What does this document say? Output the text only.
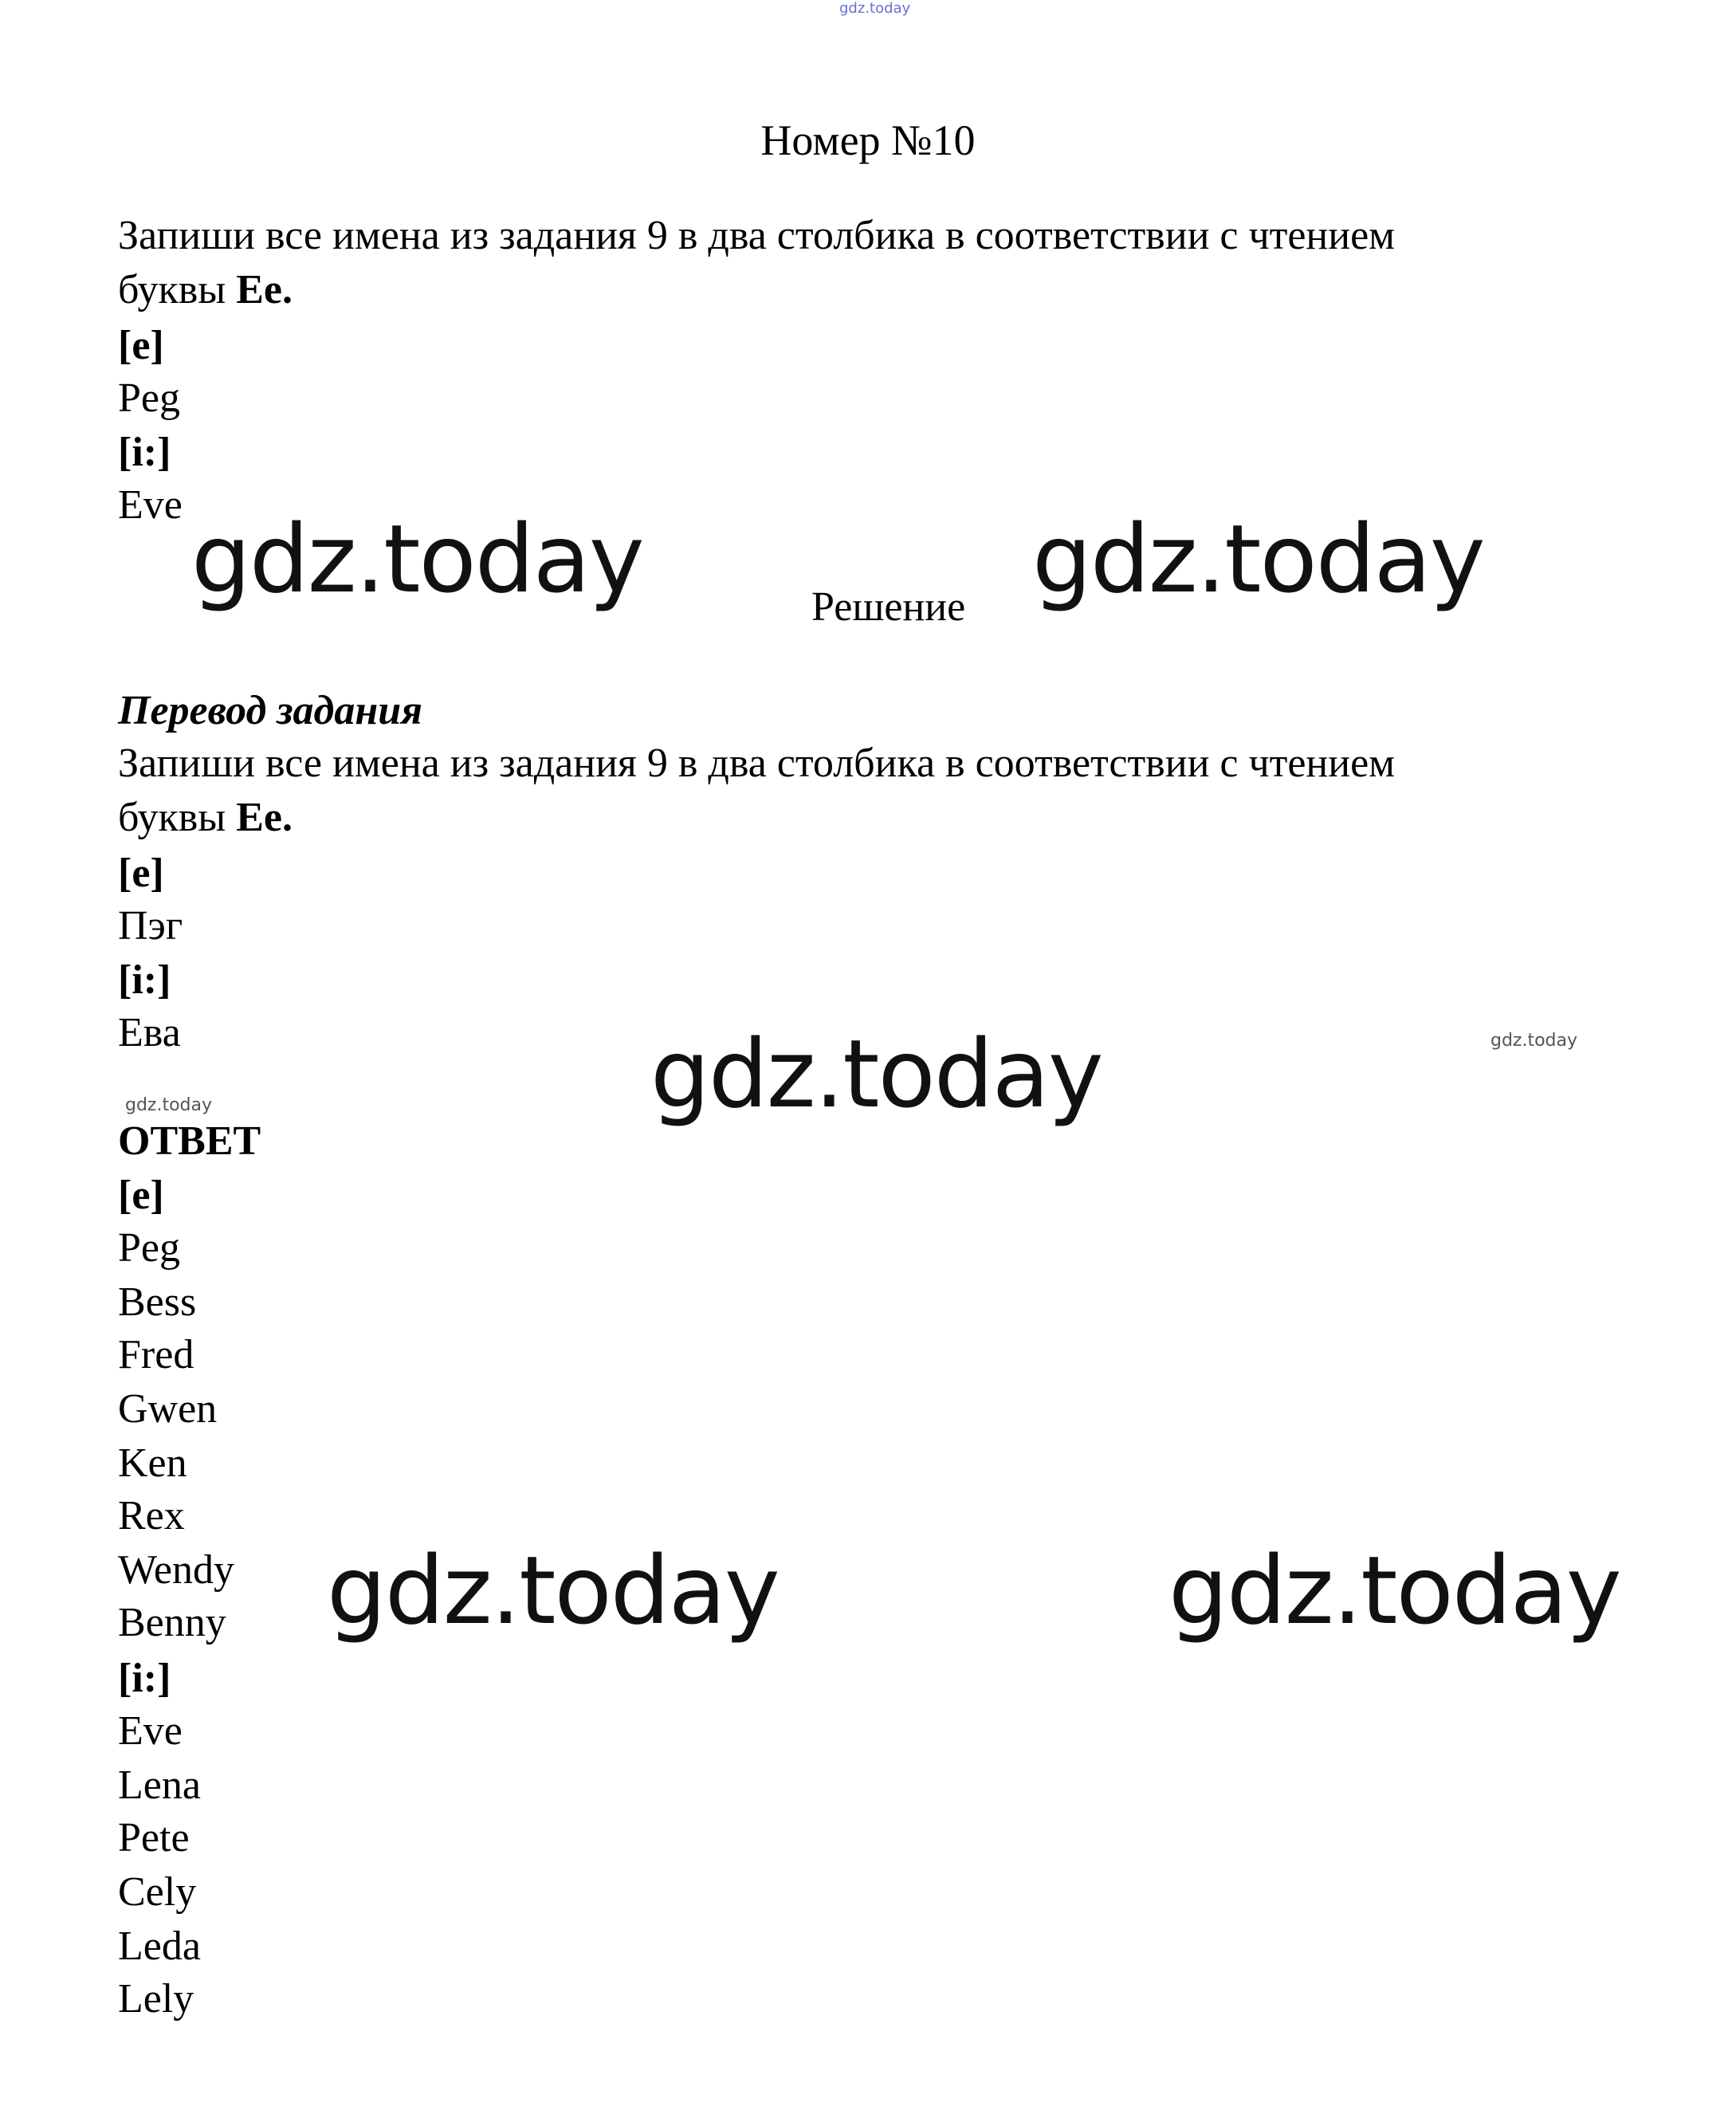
gdz.today
Номер №10
Запиши все имена из задания 9 в два столбика в соответствии с чтением
буквы Ee.
[e]
Peg
[i:]
Eve
Решение
Перевод задания
Запиши все имена из задания 9 в два столбика в соответствии с чтением
буквы Ee.
[e]
Пэг
[i:]
Ева
ОТВЕТ
[e]
Peg
Bess
Fred
Gwen
Ken
Rex
Wendy
Benny
[i:]
Eve
Lena
Pete
Cely
Leda
Lely
gdz.today	gdz.today
gdz.today
gdz.today	gdz.today
gdz.today
gdz.today
